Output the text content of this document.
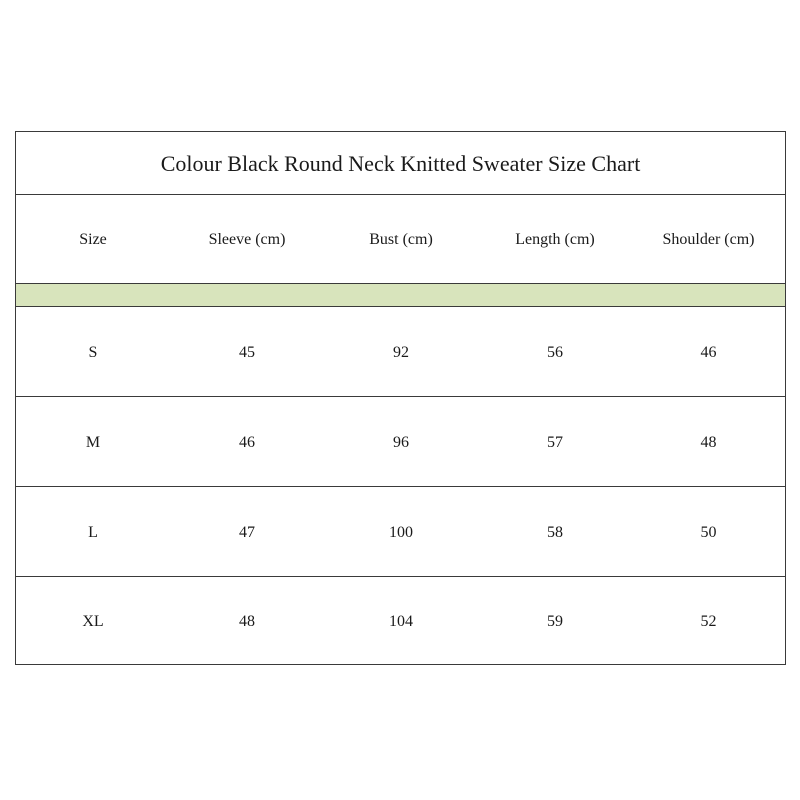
Colour Black Round Neck Knitted Sweater Size Chart
Size	Sleeve (cm)	Bust (cm)	Length (cm)	Shoulder (cm)
S	45	92	56	46
M	46	96	57	48
L	47	100	58	50
XL	48	104	59	52
